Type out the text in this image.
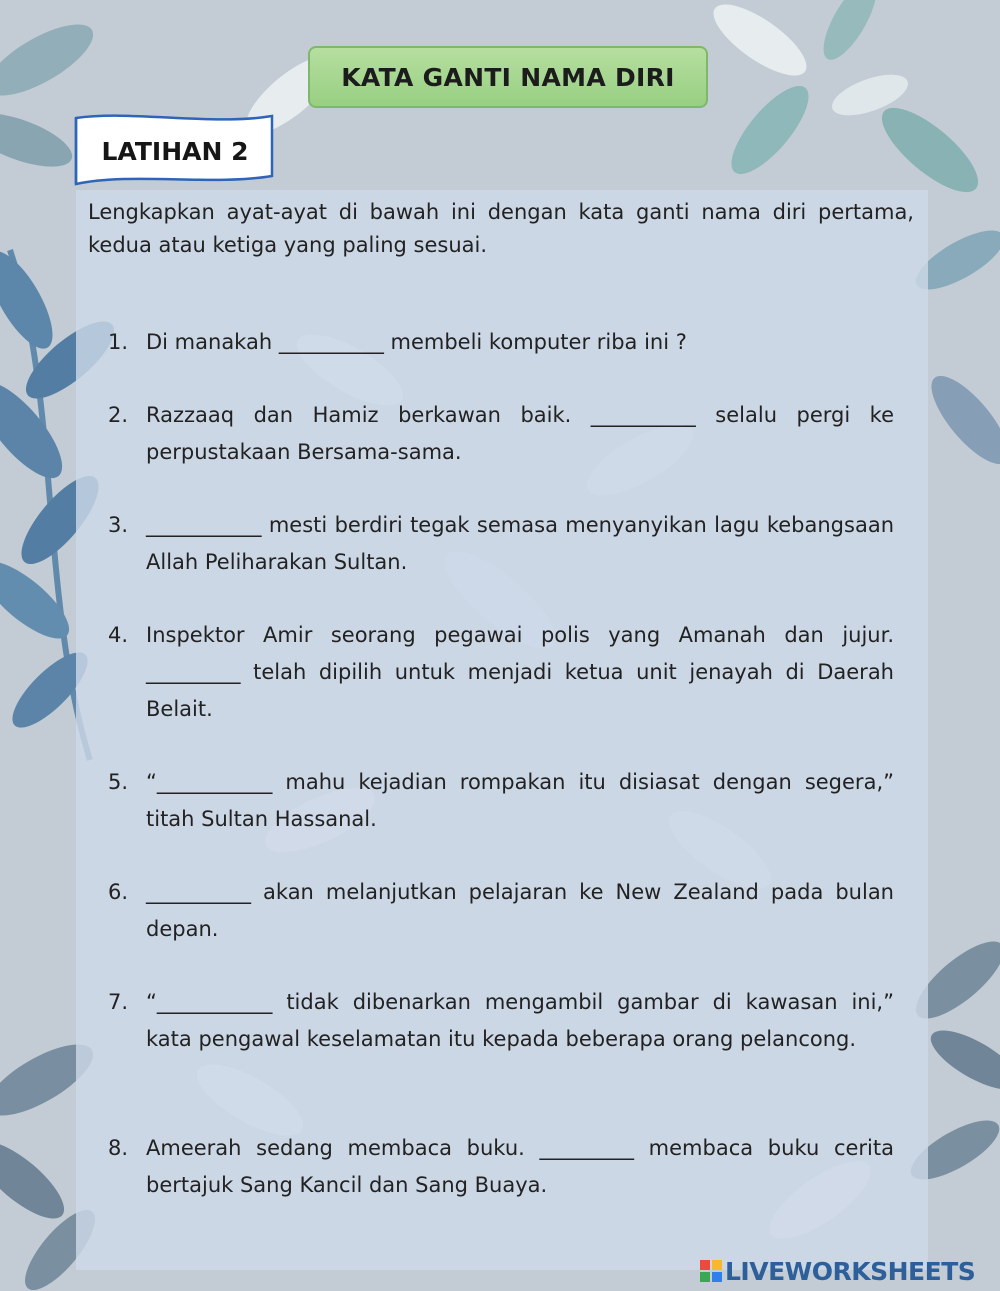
KATA GANTI NAMA DIRI
LATIHAN 2
Lengkapkan ayat-ayat di bawah ini dengan kata ganti nama diri pertama, kedua atau ketiga yang paling sesuai.
1. Di manakah __________ membeli komputer riba ini ?
2. Razzaaq dan Hamiz berkawan baik. __________ selalu pergi ke perpustakaan Bersama-sama.
3. ___________ mesti berdiri tegak semasa menyanyikan lagu kebangsaan Allah Peliharakan Sultan.
4. Inspektor Amir seorang pegawai polis yang Amanah dan jujur. _________ telah dipilih untuk menjadi ketua unit jenayah di Daerah Belait.
5. “___________ mahu kejadian rompakan itu disiasat dengan segera,” titah Sultan Hassanal.
6. __________ akan melanjutkan pelajaran ke New Zealand pada bulan depan.
7. “___________ tidak dibenarkan mengambil gambar di kawasan ini,” kata pengawal keselamatan itu kepada beberapa orang pelancong.
8. Ameerah sedang membaca buku. _________ membaca buku cerita bertajuk Sang Kancil dan Sang Buaya.
LIVEWORKSHEETS
